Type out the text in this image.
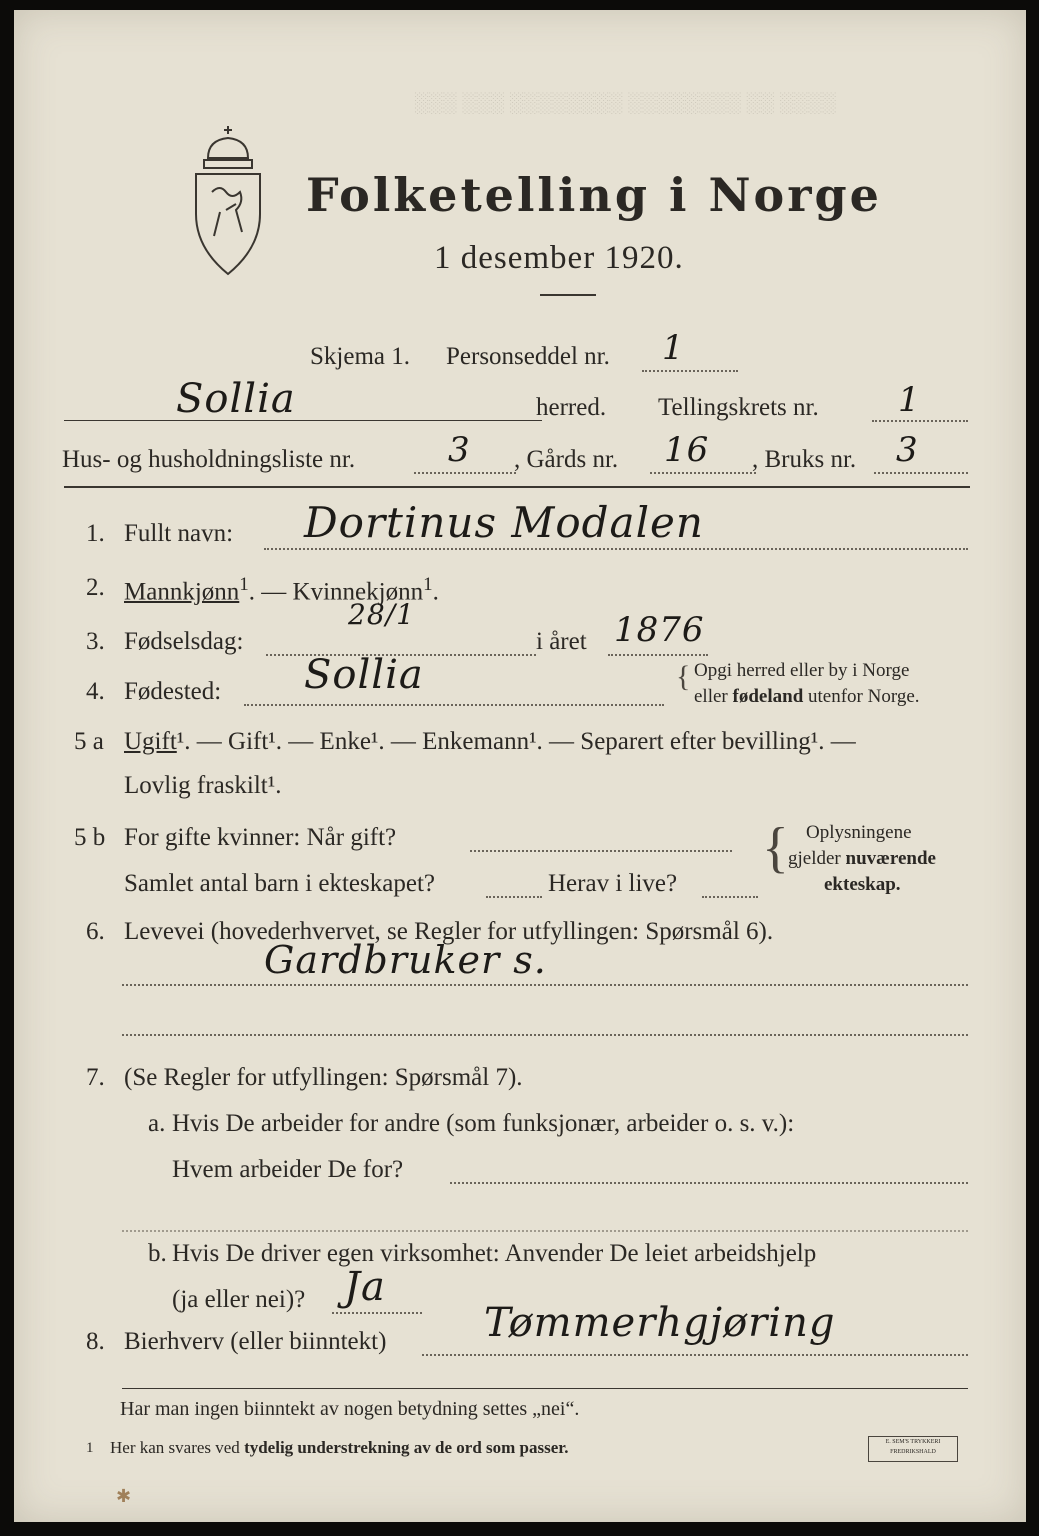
Folketelling i Norge
1 desember 1920.
░░░ ░░░ ░░░░░░░░ ░░░░░░░░ ░░ ░░░░
Skjema 1. Personseddel nr. 1
Sollia	herred. Tellingskrets nr. 1
Hus- og husholdningsliste nr.	3 , Gårds nr. 16 , Bruks nr. 3
1. Fullt navn: Dortinus Modalen
2. Mannkjønn$^1$. — Kvinnekjønn$^1$.
3. Fødselsdag:
28/1
i året 1876
4. Fødested: Sollia	{ Opgi herred eller by i Norge
eller fødeland utenfor Norge.
5 a Ugift¹. — Gift¹. — Enke¹. — Enkemann¹. — Separert efter bevilling¹. —
Lovlig fraskilt¹.
5 b For gifte kvinner: Når gift?
Samlet antal barn i ekteskapet?	Herav i live?
{ Oplysningene
gjelder nuværende
ekteskap.
6. Levevei (hovederhvervet, se Regler for utfyllingen: Spørsmål 6).
Gardbruker s.
7. (Se Regler for utfyllingen: Spørsmål 7).
a. Hvis De arbeider for andre (som funksjonær, arbeider o. s. v.):
Hvem arbeider De for?
b. Hvis De driver egen virksomhet: Anvender De leiet arbeidshjelp
(ja eller nei)? Ja
8. Bierhverv (eller biinntekt) Tømmerhgjøring
Har man ingen biinntekt av nogen betydning settes „nei“.
1 Her kan svares ved tydelig understrekning av de ord som passer.	E. SEM'S TRYKKERI
FREDRIKSHALD
✱
